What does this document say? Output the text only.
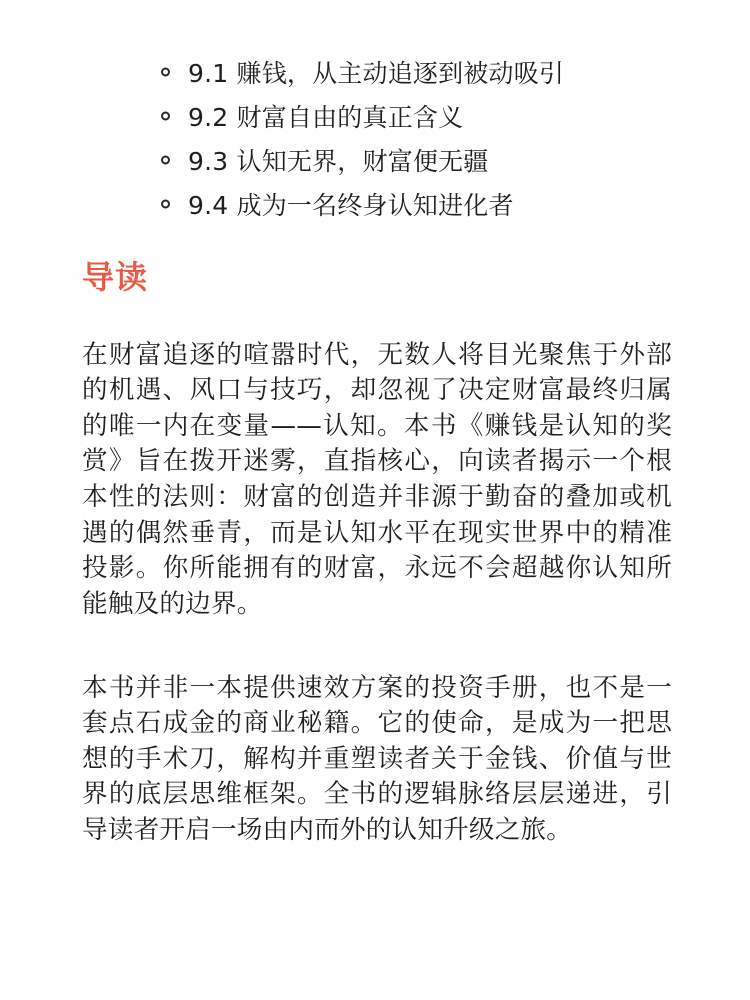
9.1 赚钱，从主动追逐到被动吸引
9.2 财富自由的真正含义
9.3 认知无界，财富便无疆
9.4 成为一名终身认知进化者
导读

在财富追逐的喧嚣时代，无数人将目光聚焦于外部的机遇、风口与技巧，却忽视了决定财富最终归属的唯一内在变量——认知。本书《赚钱是认知的奖赏》旨在拨开迷雾，直指核心，向读者揭示一个根本性的法则：财富的创造并非源于勤奋的叠加或机遇的偶然垂青，而是认知水平在现实世界中的精准投影。你所能拥有的财富，永远不会超越你认知所能触及的边界。

本书并非一本提供速效方案的投资手册，也不是一套点石成金的商业秘籍。它的使命，是成为一把思想的手术刀，解构并重塑读者关于金钱、价值与世界的底层思维框架。全书的逻辑脉络层层递进，引导读者开启一场由内而外的认知升级之旅。
